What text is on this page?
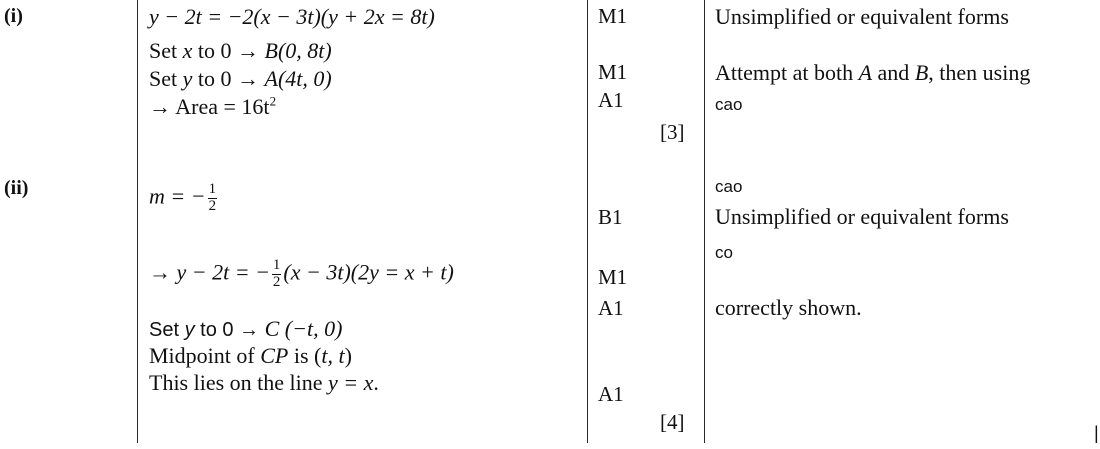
(i)	y − 2t = −2(x − 3t)(y + 2x = 8t)
Set x to 0 → B(0, 8t)
Set y to 0 → A(4t, 0)
→ Area = $16t^2$
M1
M1
A1
[3]
Unsimplified or equivalent forms
Attempt at both A and B, then using
cao
(ii)	m = − $\frac{1}{2}$
→ y − 2t = − $\frac{1}{2} (x - 3t)(2y = x + t)$
Set y to 0 → C (−t, 0)
Midpoint of CP is (t, t)
This lies on the line y = x.
B1
M1
A1
A1
[4]
cao
Unsimplified or equivalent forms
co
correctly shown.
|
